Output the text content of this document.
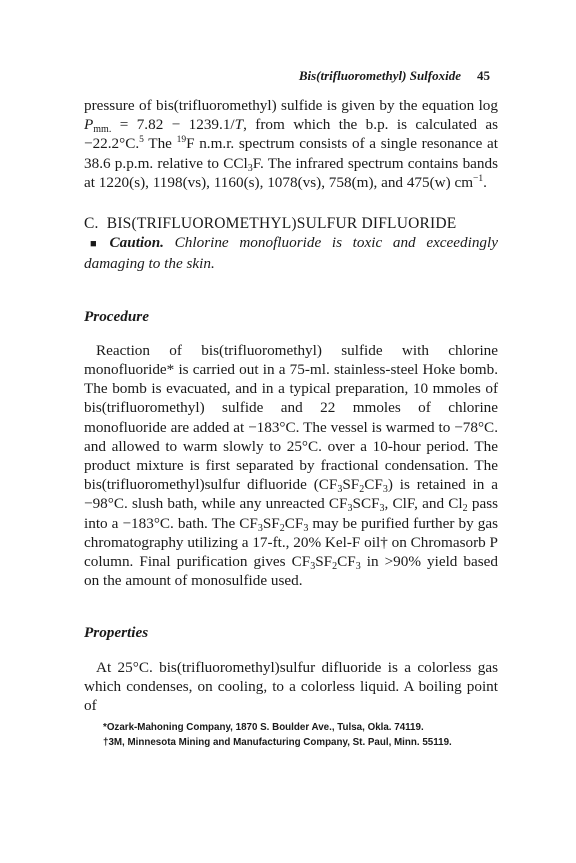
Bis(trifluoromethyl) Sulfoxide 45

pressure of bis(trifluoromethyl) sulfide is given by the equation $\log P_{mm.} = 7.82 - 1239.1/T$, from which the b.p. is calculated as −22.2°C.$^5$ The $^{19}$F n.m.r. spectrum consists of a single resonance at 38.6 p.p.m. relative to CCl$_3$F. The infrared spectrum contains bands at 1220(s), 1198(vs), 1160(s), 1078(vs), 758(m), and 475(w) $cm^{-1}$.

C. BIS(TRIFLUOROMETHYL)SULFUR DIFLUORIDE

■ Caution. Chlorine monofluoride is toxic and exceedingly damaging to the skin.

Procedure

Reaction of bis(trifluoromethyl) sulfide with chlorine monofluoride* is carried out in a 75-ml. stainless-steel Hoke bomb. The bomb is evacuated, and in a typical preparation, 10 mmoles of bis(trifluoromethyl) sulfide and 22 mmoles of chlorine monofluoride are added at −183°C. The vessel is warmed to −78°C. and allowed to warm slowly to 25°C. over a 10-hour period. The product mixture is first separated by fractional condensation. The bis(trifluoromethyl)sulfur difluoride $(CF_3SF_2CF_3)$ is retained in a −98°C. slush bath, while any unreacted $CF_3SCF_3$, ClF, and $Cl_2$ pass into a −183°C. bath. The $CF_3SF_2CF_3$ may be purified further by gas chromatography utilizing a 17-ft., 20% Kel-F oil† on Chromasorb P column. Final purification gives $CF_3SF_2CF_3$ in >90% yield based on the amount of monosulfide used.

Properties

At 25°C. bis(trifluoromethyl)sulfur difluoride is a colorless gas which condenses, on cooling, to a colorless liquid. A boiling point of

*Ozark-Mahoning Company, 1870 S. Boulder Ave., Tulsa, Okla. 74119.
†3M, Minnesota Mining and Manufacturing Company, St. Paul, Minn. 55119.
